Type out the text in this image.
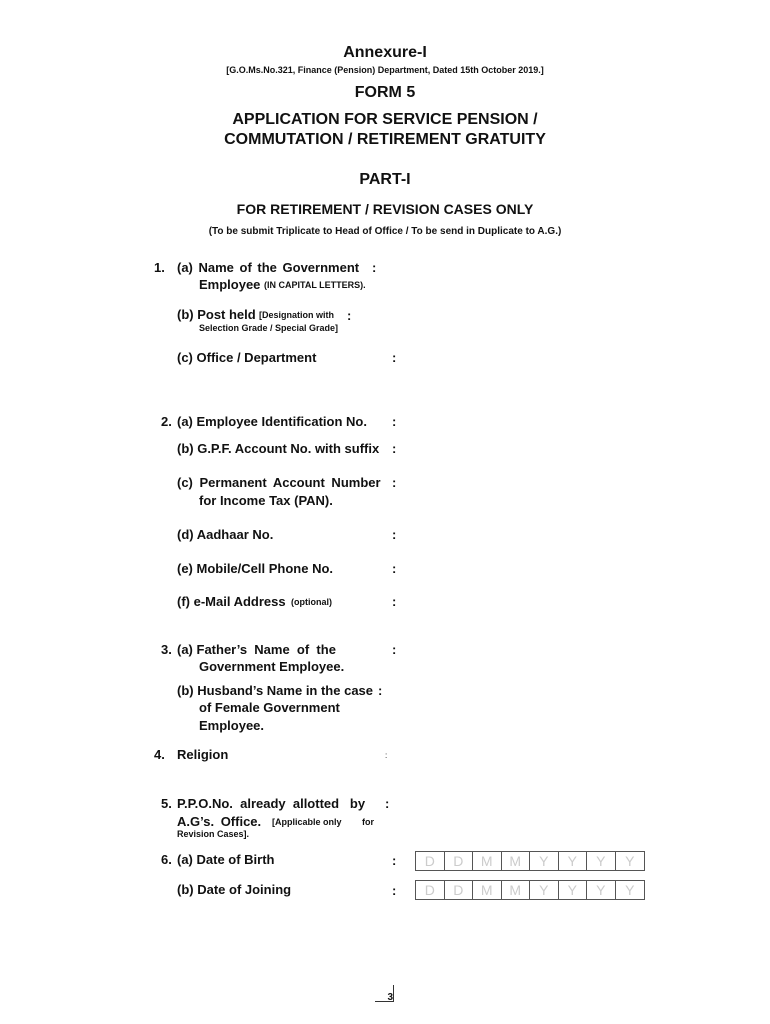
Annexure-I
[G.O.Ms.No.321, Finance (Pension) Department, Dated 15th October 2019.]
FORM 5
APPLICATION FOR SERVICE PENSION /
COMMUTATION / RETIREMENT GRATUITY
PART-I
FOR RETIREMENT / REVISION CASES ONLY
(To be submit Triplicate to Head of Office / To be send in Duplicate to A.G.)
1. (a) Name of the Government :
Employee (IN CAPITAL LETTERS).
(b) Post held [Designation with :
Selection Grade / Special Grade]
(c) Office / Department	:
2. (a) Employee Identification No. :
(b) G.P.F. Account No. with suffix :
(c) Permanent Account Number :
for Income Tax (PAN).
(d) Aadhaar No.	:
(e) Mobile/Cell Phone No.	:
(f) e-Mail Address (optional)	:
3. (a) Father’s  Name  of  the	:
Government Employee.
(b) Husband’s Name in the case :
of Female Government
Employee.
4. Religion	:
5. P.P.O.No.  already  allotted   by :
A.G’s. Office. [Applicable only for
Revision Cases].
6. (a) Date of Birth	:	D	D	M	M	Y	Y	Y	Y
(b) Date of Joining	:	D	D	M	M	Y	Y	Y	Y
3
